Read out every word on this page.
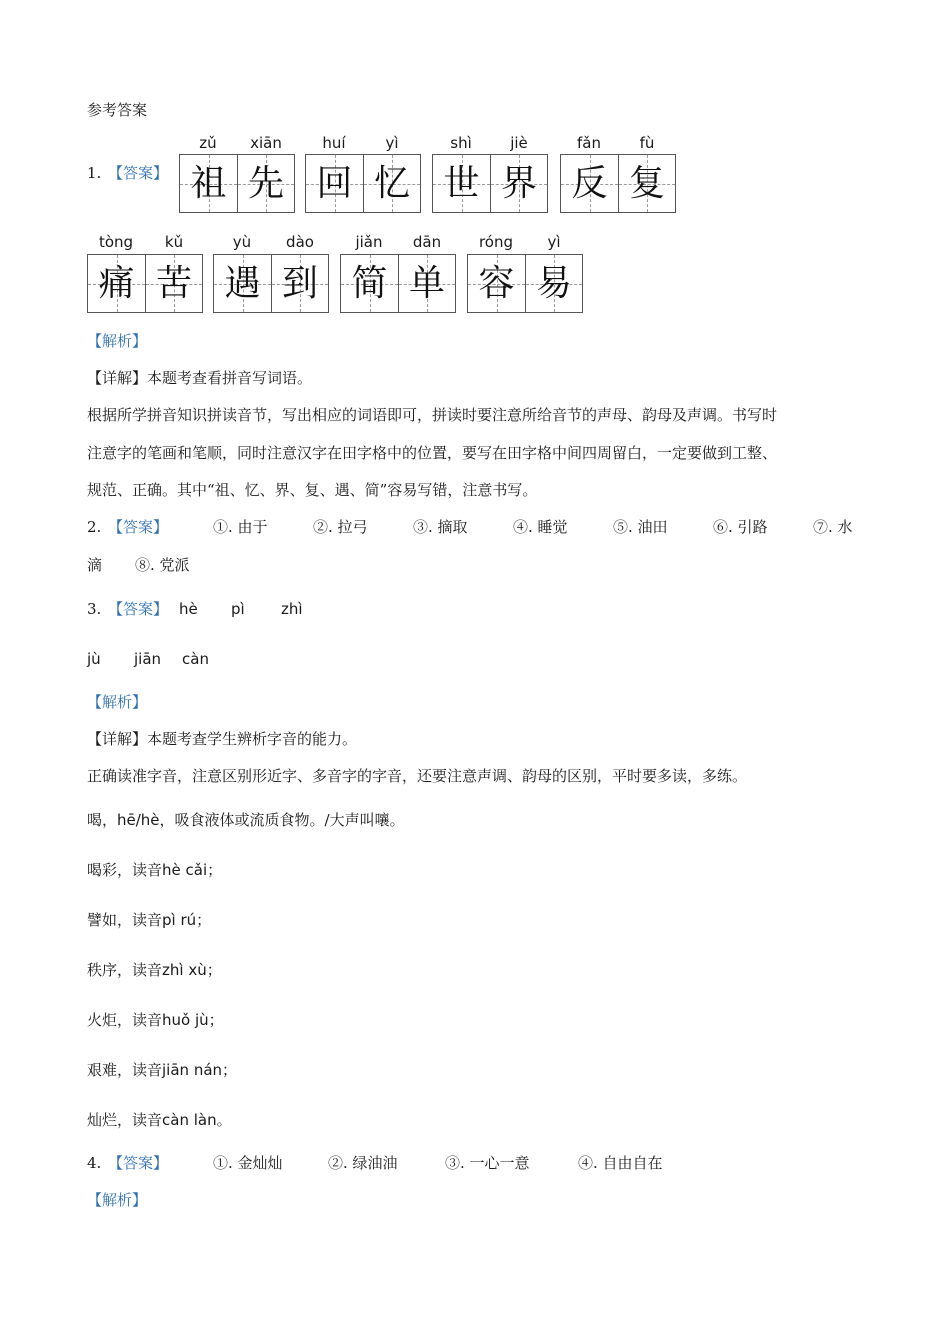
参考答案
1. 【答案】
zǔ	xiān
祖 先
huí	yì
回 忆
shì	jiè
世 界
fǎn	fù
反 复
tòng	kǔ
痛 苦
yù	dào
遇 到
jiǎn	dān
简 单
róng	yì
容 易
【解析】
【详解】本题考查看拼音写词语。
根据所学拼音知识拼读音节，写出相应的词语即可，拼读时要注意所给音节的声母、韵母及声调。书写时
注意字的笔画和笔顺，同时注意汉字在田字格中的位置，要写在田字格中间四周留白，一定要做到工整、
规范、正确。其中“祖、忆、界、复、遇、简”容易写错，注意书写。
2. 【答案】	①. 由于	②. 拉弓	③. 摘取	④. 睡觉	⑤. 油田	⑥. 引路	⑦. 水
滴 ⑧. 党派
3. 【答案】 hè pì zhì
jù jiān càn
【解析】
【详解】本题考查学生辨析字音的能力。
正确读准字音，注意区别形近字、多音字的字音，还要注意声调、韵母的区别，平时要多读，多练。
喝，hē/hè，吸食液体或流质食物。/大声叫嚷。
喝彩，读音hè cǎi；
譬如，读音pì rú；
秩序，读音zhì xù；
火炬，读音huǒ jù；
艰难，读音jiān nán；
灿烂，读音càn làn。
4. 【答案】	①. 金灿灿	②. 绿油油	③. 一心一意	④. 自由自在
【解析】
